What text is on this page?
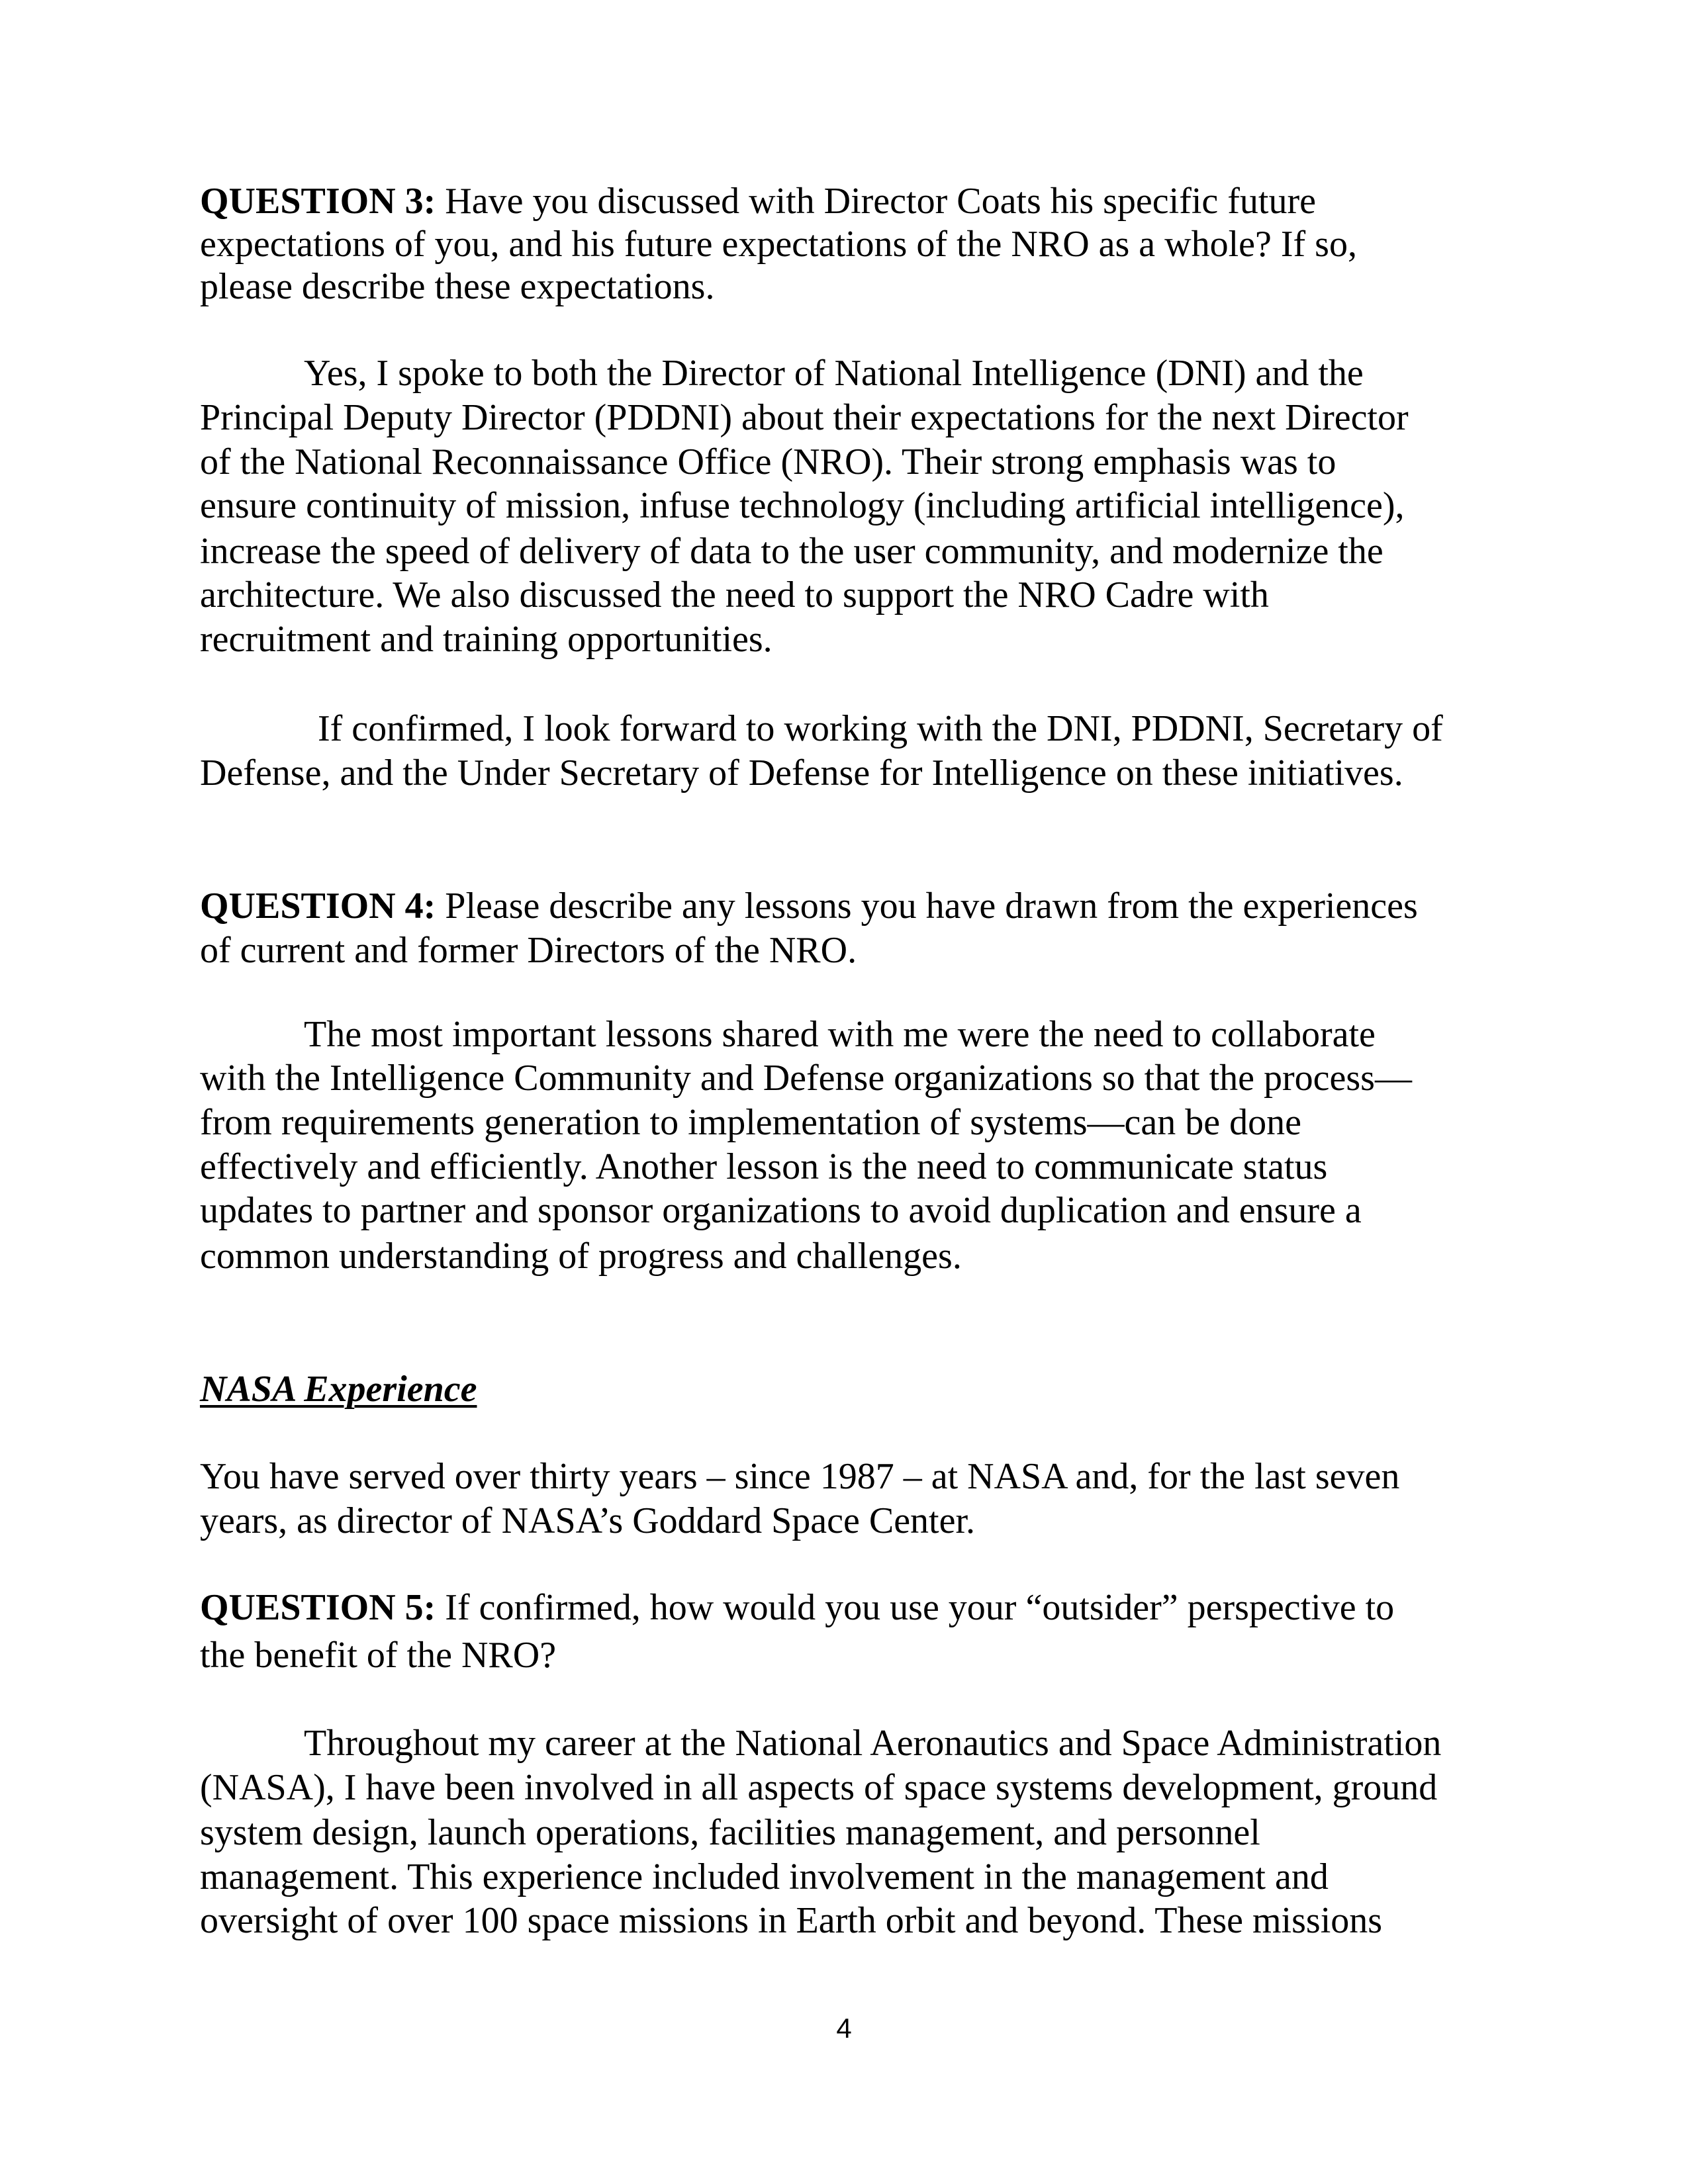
QUESTION 3: Have you discussed with Director Coats his specific future
expectations of you, and his future expectations of the NRO as a whole? If so,
please describe these expectations.
Yes, I spoke to both the Director of National Intelligence (DNI) and the
Principal Deputy Director (PDDNI) about their expectations for the next Director
of the National Reconnaissance Office (NRO). Their strong emphasis was to
ensure continuity of mission, infuse technology (including artificial intelligence),
increase the speed of delivery of data to the user community, and modernize the
architecture. We also discussed the need to support the NRO Cadre with
recruitment and training opportunities.
If confirmed, I look forward to working with the DNI, PDDNI, Secretary of
Defense, and the Under Secretary of Defense for Intelligence on these initiatives.
QUESTION 4: Please describe any lessons you have drawn from the experiences
of current and former Directors of the NRO.
The most important lessons shared with me were the need to collaborate
with the Intelligence Community and Defense organizations so that the process—
from requirements generation to implementation of systems—can be done
effectively and efficiently. Another lesson is the need to communicate status
updates to partner and sponsor organizations to avoid duplication and ensure a
common understanding of progress and challenges.
NASA Experience
You have served over thirty years – since 1987 – at NASA and, for the last seven
years, as director of NASA’s Goddard Space Center.
QUESTION 5: If confirmed, how would you use your “outsider” perspective to
the benefit of the NRO?
Throughout my career at the National Aeronautics and Space Administration
(NASA), I have been involved in all aspects of space systems development, ground
system design, launch operations, facilities management, and personnel
management. This experience included involvement in the management and
oversight of over 100 space missions in Earth orbit and beyond. These missions
4
